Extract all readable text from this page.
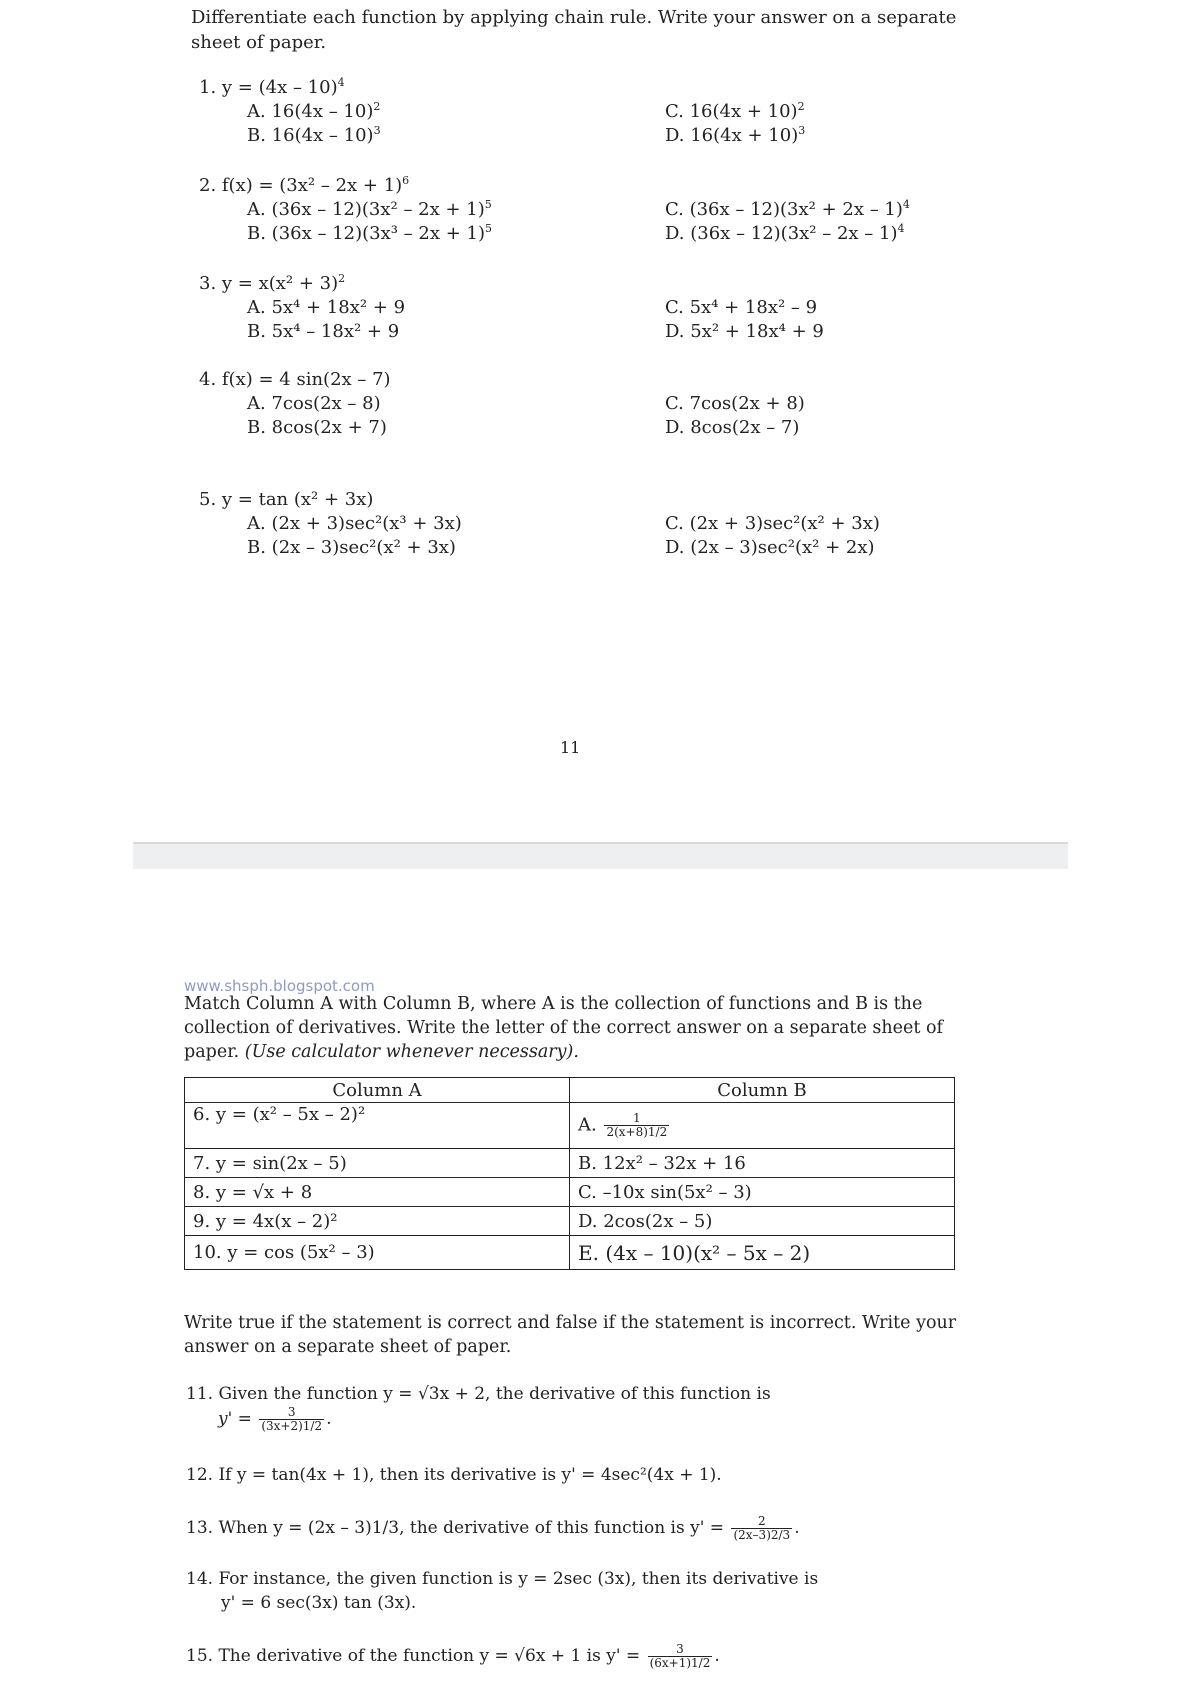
Differentiate each function by applying chain rule. Write your answer on a separate sheet of paper.
1. y = (4x – 10)$^4$
A. 16(4x – 10)$^2$
B. 16(4x – 10)$^3$
C. $16(4x + 10)^2$
D. $16(4x + 10)^3$
2. $f(x) = (3x^2 - 2x + 1)^6$
A. $(36x - 12)(3x^2 - 2x + 1)^5$
B. $(36x - 12)(3x^3 - 2x + 1)^5$
C. $(36x - 12)(3x^2 + 2x - 1)^4$
D. (36x – 12)(3x² – 2x – 1)$^4$
3. $y = x(x^2 + 3)^2$
A. 5x⁴ + 18x² + 9
B. 5x⁴ – 18x² + 9
C. 5x⁴ + 18x² – 9
D. 5x² + 18x⁴ + 9
4. f(x) = 4 sin(2x – 7)
A. 7cos(2x – 8)
B. 8cos(2x + 7)
C. 7cos(2x + 8)
D. 8cos(2x – 7)
5. y = tan (x² + 3x)
A. (2x + 3)sec²(x³ + 3x)
B. (2x – 3)sec²(x² + 3x)
C. (2x + 3)sec²(x² + 3x)
D. (2x – 3)sec²(x² + 2x)
11
www.shsph.blogspot.com
Match Column A with Column B, where A is the collection of functions and B is the
collection of derivatives. Write the letter of the correct answer on a separate sheet of
paper. (Use calculator whenever necessary).
Column A	Column B
6. y = (x² – 5x – 2)²	A. $\frac{1}{2(x+8)1/2}$

7. y = sin(2x – 5)	B. 12x² – 32x + 16
8. y = √x + 8	C. –10x sin(5x² – 3)
9. y = 4x(x – 2)²	D. 2cos(2x – 5)
10. y = cos (5x² – 3)	E. (4x – 10)(x² – 5x – 2)
Write true if the statement is correct and false if the statement is incorrect. Write your answer on a separate sheet of paper.
11. Given the function y = √3x + 2, the derivative of this function is
$y' = \frac{3}{(3x+2)1/2}$ .
12. If y = tan(4x + 1), then its derivative is y' = 4sec²(4x + 1).
13. When y = (2x – 3)1/3, the derivative of this function is $y' = \frac{2}{(2x-3)2/3}$ .
14. For instance, the given function is y = 2sec (3x), then its derivative is
y' = 6 sec(3x) tan (3x).
15. The derivative of the function y = √6x + 1 is $y' = \frac{3}{(6x+1)1/2}$ .
